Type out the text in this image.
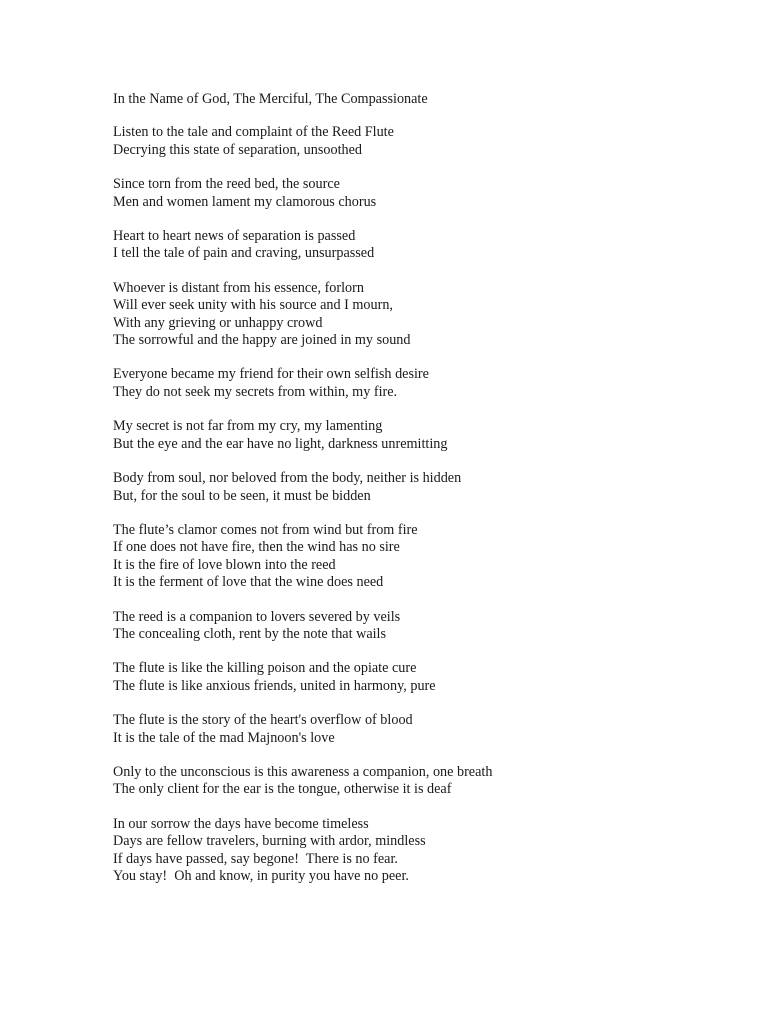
In the Name of God, The Merciful, The Compassionate
Listen to the tale and complaint of the Reed Flute
Decrying this state of separation, unsoothed
Since torn from the reed bed, the source
Men and women lament my clamorous chorus
Heart to heart news of separation is passed
I tell the tale of pain and craving, unsurpassed
Whoever is distant from his essence, forlorn
Will ever seek unity with his source and I mourn,
With any grieving or unhappy crowd
The sorrowful and the happy are joined in my sound
Everyone became my friend for their own selfish desire
They do not seek my secrets from within, my fire.
My secret is not far from my cry, my lamenting
But the eye and the ear have no light, darkness unremitting
Body from soul, nor beloved from the body, neither is hidden
But, for the soul to be seen, it must be bidden
The flute’s clamor comes not from wind but from fire
If one does not have fire, then the wind has no sire
It is the fire of love blown into the reed
It is the ferment of love that the wine does need
The reed is a companion to lovers severed by veils
The concealing cloth, rent by the note that wails
The flute is like the killing poison and the opiate cure
The flute is like anxious friends, united in harmony, pure
The flute is the story of the heart's overflow of blood
It is the tale of the mad Majnoon's love
Only to the unconscious is this awareness a companion, one breath
The only client for the ear is the tongue, otherwise it is deaf
In our sorrow the days have become timeless
Days are fellow travelers, burning with ardor, mindless
If days have passed, say begone!  There is no fear.
You stay!  Oh and know, in purity you have no peer.
